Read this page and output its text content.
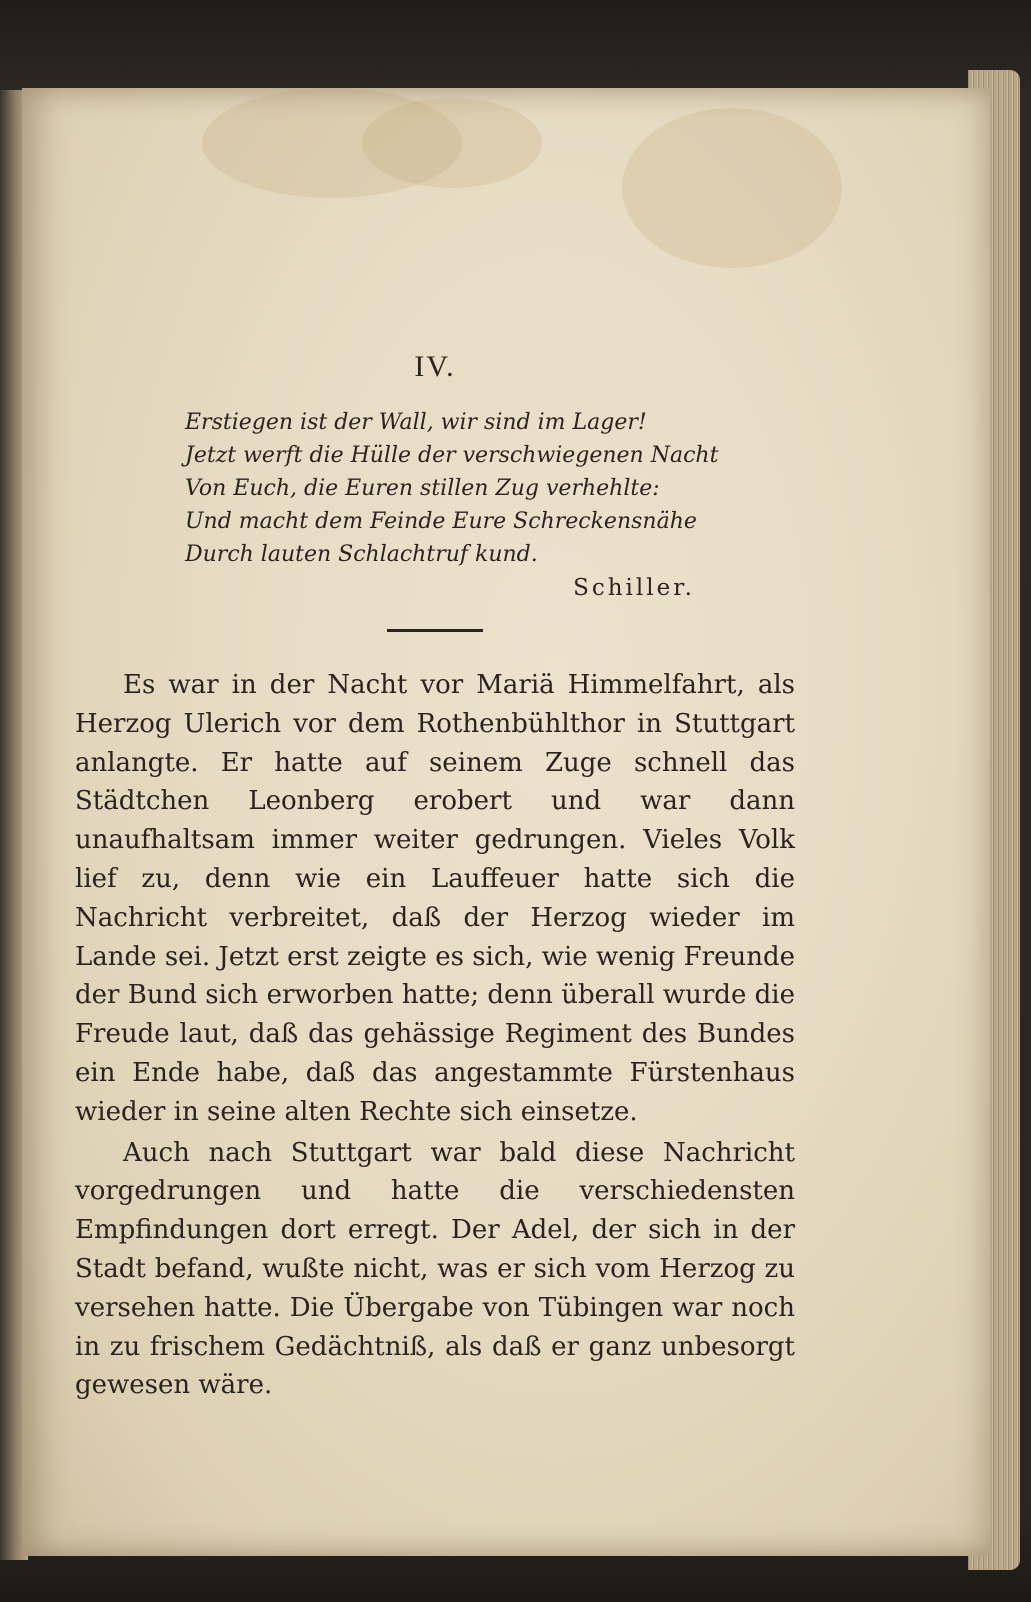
IV.
Erstiegen ist der Wall, wir sind im Lager!
Jetzt werft die Hülle der verschwiegenen Nacht
Von Euch, die Euren stillen Zug verhehlte:
Und macht dem Feinde Eure Schreckensnähe
Durch lauten Schlachtruf kund.
Schiller.

Es war in der Nacht vor Mariä Himmelfahrt, als Herzog Ulerich vor dem Rothenbühlthor in Stuttgart anlangte. Er hatte auf seinem Zuge schnell das Städtchen Leonberg erobert und war dann unaufhaltsam immer weiter gedrungen. Vieles Volk lief zu, denn wie ein Lauffeuer hatte sich die Nachricht verbreitet, daß der Herzog wieder im Lande sei. Jetzt erst zeigte es sich, wie wenig Freunde der Bund sich erworben hatte; denn überall wurde die Freude laut, daß das gehässige Regiment des Bundes ein Ende habe, daß das angestammte Fürstenhaus wieder in seine alten Rechte sich einsetze.

Auch nach Stuttgart war bald diese Nachricht vorgedrungen und hatte die verschiedensten Empfindungen dort erregt. Der Adel, der sich in der Stadt befand, wußte nicht, was er sich vom Herzog zu versehen hatte. Die Übergabe von Tübingen war noch in zu frischem Gedächtniß, als daß er ganz unbesorgt gewesen wäre.
